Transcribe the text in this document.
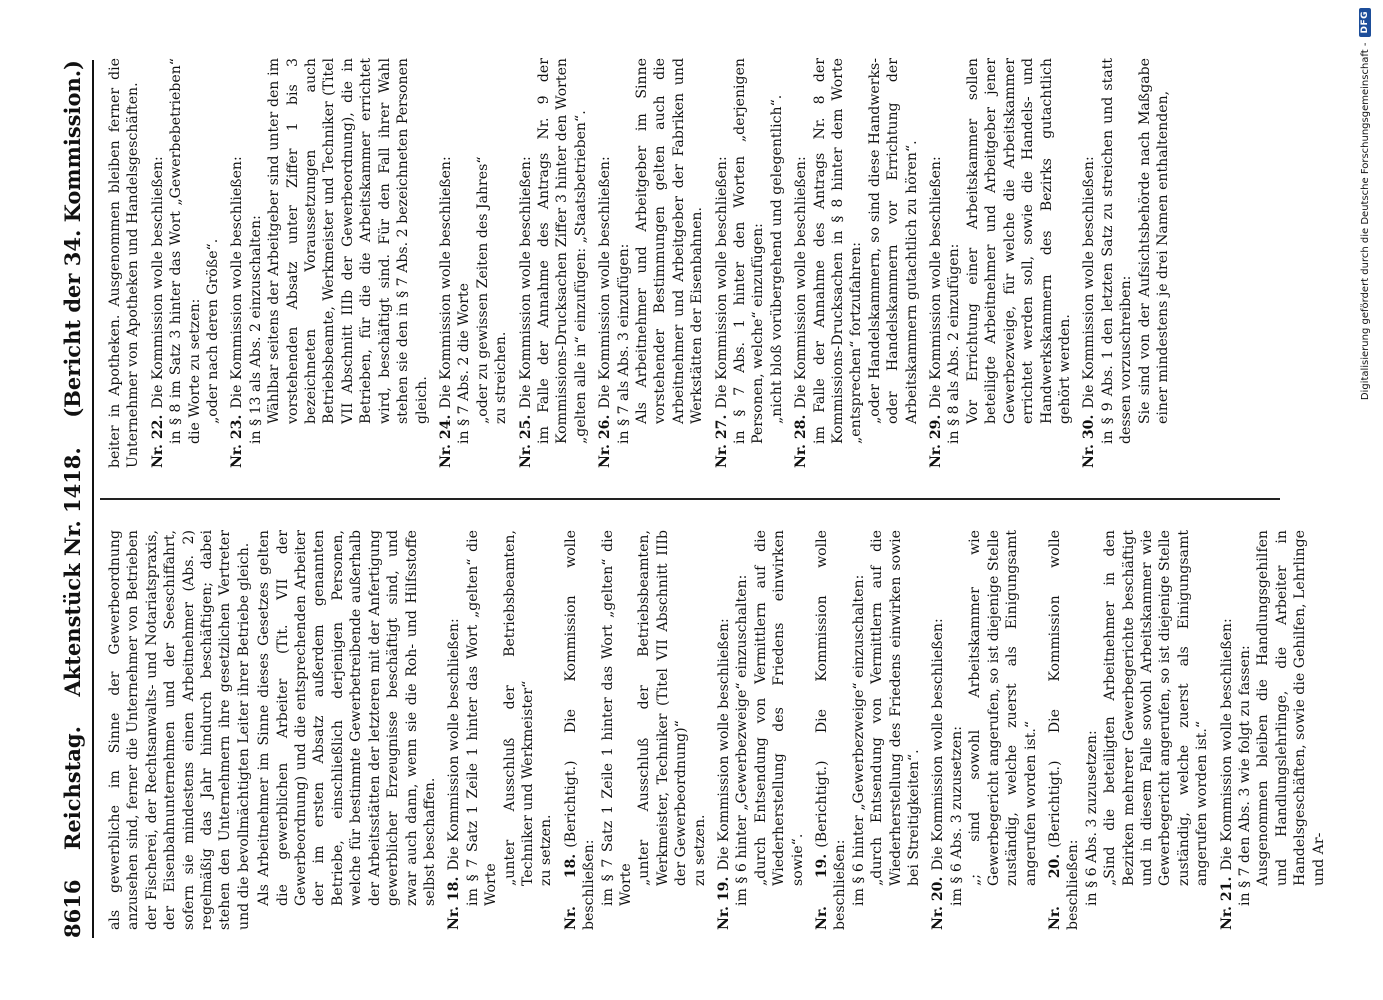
8616
Reichstag.
Aktenstück Nr. 1418.
(Bericht der 34. Kommission.)

als gewerbliche im Sinne der Gewerbeordnung anzusehen sind, ferner die Unternehmer von Betrieben der Fischerei, der Rechtsanwalts- und Notariatspraxis, der Eisenbahnunternehmen und der Seeschiffahrt, sofern sie mindestens einen Arbeitnehmer (Abs. 2) regelmäßig das Jahr hindurch beschäftigen; dabei stehen den Unternehmern ihre gesetzlichen Vertreter und die bevollmächtigten Leiter ihrer Betriebe gleich. Als Arbeitnehmer im Sinne dieses Gesetzes gelten die gewerblichen Arbeiter (Tit. VII der Gewerbeordnung) und die entsprechenden Arbeiter der im ersten Absatz außerdem genannten Betriebe, einschließlich derjenigen Personen, welche für bestimmte Gewerbetreibende außerhalb der Arbeitsstätten der letzteren mit der Anfertigung gewerblicher Erzeugnisse beschäftigt sind, und zwar auch dann, wenn sie die Roh- und Hilfsstoffe selbst beschaffen. Nr. 18.Die Kommission wolle beschließen: im § 7 Satz 1 Zeile 1 hinter das Wort „gelten“ die Worte „unter Ausschluß der Betriebsbeamten, Techniker und Werkmeister“ zu setzen.
Nr. 18.(Berichtigt.) Die Kommission wolle beschließen: im § 7 Satz 1 Zeile 1 hinter das Wort „gelten“ die Worte „unter Ausschluß der Betriebsbeamten, Werkmeister, Techniker (Titel VII Abschnitt IIIb der Gewerbeordnung)“ zu setzen.
Nr. 19.Die Kommission wolle beschließen: im § 6 hinter „Gewerbezweige“ einzuschalten: „durch Entsendung von Vermittlern auf die Wiederherstellung des Friedens einwirken sowie“. Nr. 19.(Berichtigt.) Die Kommission wolle beschließen: im § 6 hinter „Gewerbezweige“ einzuschalten: „durch Entsendung von Vermittlern auf die Wiederherstellung des Friedens einwirken sowie bei Streitigkeiten“.
Nr. 20.Die Kommission wolle beschließen: im § 6 Abs. 3 zuzusetzen: „; sind sowohl Arbeitskammer wie Gewerbegericht angerufen, so ist diejenige Stelle zuständig, welche zuerst als Einigungsamt angerufen worden ist.“
Nr. 20.(Berichtigt.) Die Kommission wolle beschließen: in § 6 Abs. 3 zuzusetzen: „Sind die beteiligten Arbeitnehmer in den Bezirken mehrerer Gewerbegerichte beschäftigt und in diesem Falle sowohl Arbeitskammer wie Gewerbegericht angerufen, so ist diejenige Stelle zuständig, welche zuerst als Einigungsamt angerufen worden ist.“
Nr. 21.Die Kommission wolle beschließen: in § 7 den Abs. 3 wie folgt zu fassen: Ausgenommen bleiben die Handlungsgehilfen und Handlungslehrlinge, die Arbeiter in Handelsgeschäften, sowie die Gehilfen, Lehrlinge und Ar-

beiter in Apotheken. Ausgenommen bleiben ferner die Unternehmer von Apotheken und Handelsgeschäften. Nr. 22.Die Kommission wolle beschließen: in § 8 im Satz 3 hinter das Wort „Gewerbebetrieben“ die Worte zu setzen: „oder nach deren Größe“.
Nr. 23.Die Kommission wolle beschließen: in § 13 als Abs. 2 einzuschalten: Wählbar seitens der Arbeitgeber sind unter den im vorstehenden Absatz unter Ziffer 1 bis 3 bezeichneten Voraussetzungen auch Betriebsbeamte, Werkmeister und Techniker (Titel VII Abschnitt IIIb der Gewerbeordnung), die in Betrieben, für die die Arbeitskammer errichtet wird, beschäftigt sind. Für den Fall ihrer Wahl stehen sie den in § 7 Abs. 2 bezeichneten Personen gleich.
Nr. 24.Die Kommission wolle beschließen: in § 7 Abs. 2 die Worte „oder zu gewissen Zeiten des Jahres“ zu streichen.
Nr. 25.Die Kommission wolle beschließen: im Falle der Annahme des Antrags Nr. 9 der Kommissions-Drucksachen Ziffer 3 hinter den Worten „gelten alle in“ einzufügen: „Staatsbetrieben“. Nr. 26.Die Kommission wolle beschließen: in § 7 als Abs. 3 einzufügen: Als Arbeitnehmer und Arbeitgeber im Sinne vorstehender Bestimmungen gelten auch die Arbeitnehmer und Arbeitgeber der Fabriken und Werkstätten der Eisenbahnen.
Nr. 27.Die Kommission wolle beschließen: in § 7 Abs. 1 hinter den Worten „derjenigen Personen, welche“ einzufügen: „nicht bloß vorübergehend und gelegentlich“.
Nr. 28.Die Kommission wolle beschließen: im Falle der Annahme des Antrags Nr. 8 der Kommissions-Drucksachen in § 8 hinter dem Worte „entsprechen“ fortzufahren: „oder Handelskammern, so sind diese Handwerks- oder Handelskammern vor Errichtung der Arbeitskammern gutachtlich zu hören“.
Nr. 29.Die Kommission wolle beschließen: in § 8 als Abs. 2 einzufügen: Vor Errichtung einer Arbeitskammer sollen beteiligte Arbeitnehmer und Arbeitgeber jener Gewerbezweige, für welche die Arbeitskammer errichtet werden soll, sowie die Handels- und Handwerkskammern des Bezirks gutachtlich gehört werden.
Nr. 30.Die Kommission wolle beschließen: in § 9 Abs. 1 den letzten Satz zu streichen und statt dessen vorzuschreiben: Sie sind von der Aufsichtsbehörde nach Maßgabe einer mindestens je drei Namen enthaltenden,	Digitalisierung gefördert durch die Deutsche Forschungsgemeinschaft -
DFG
